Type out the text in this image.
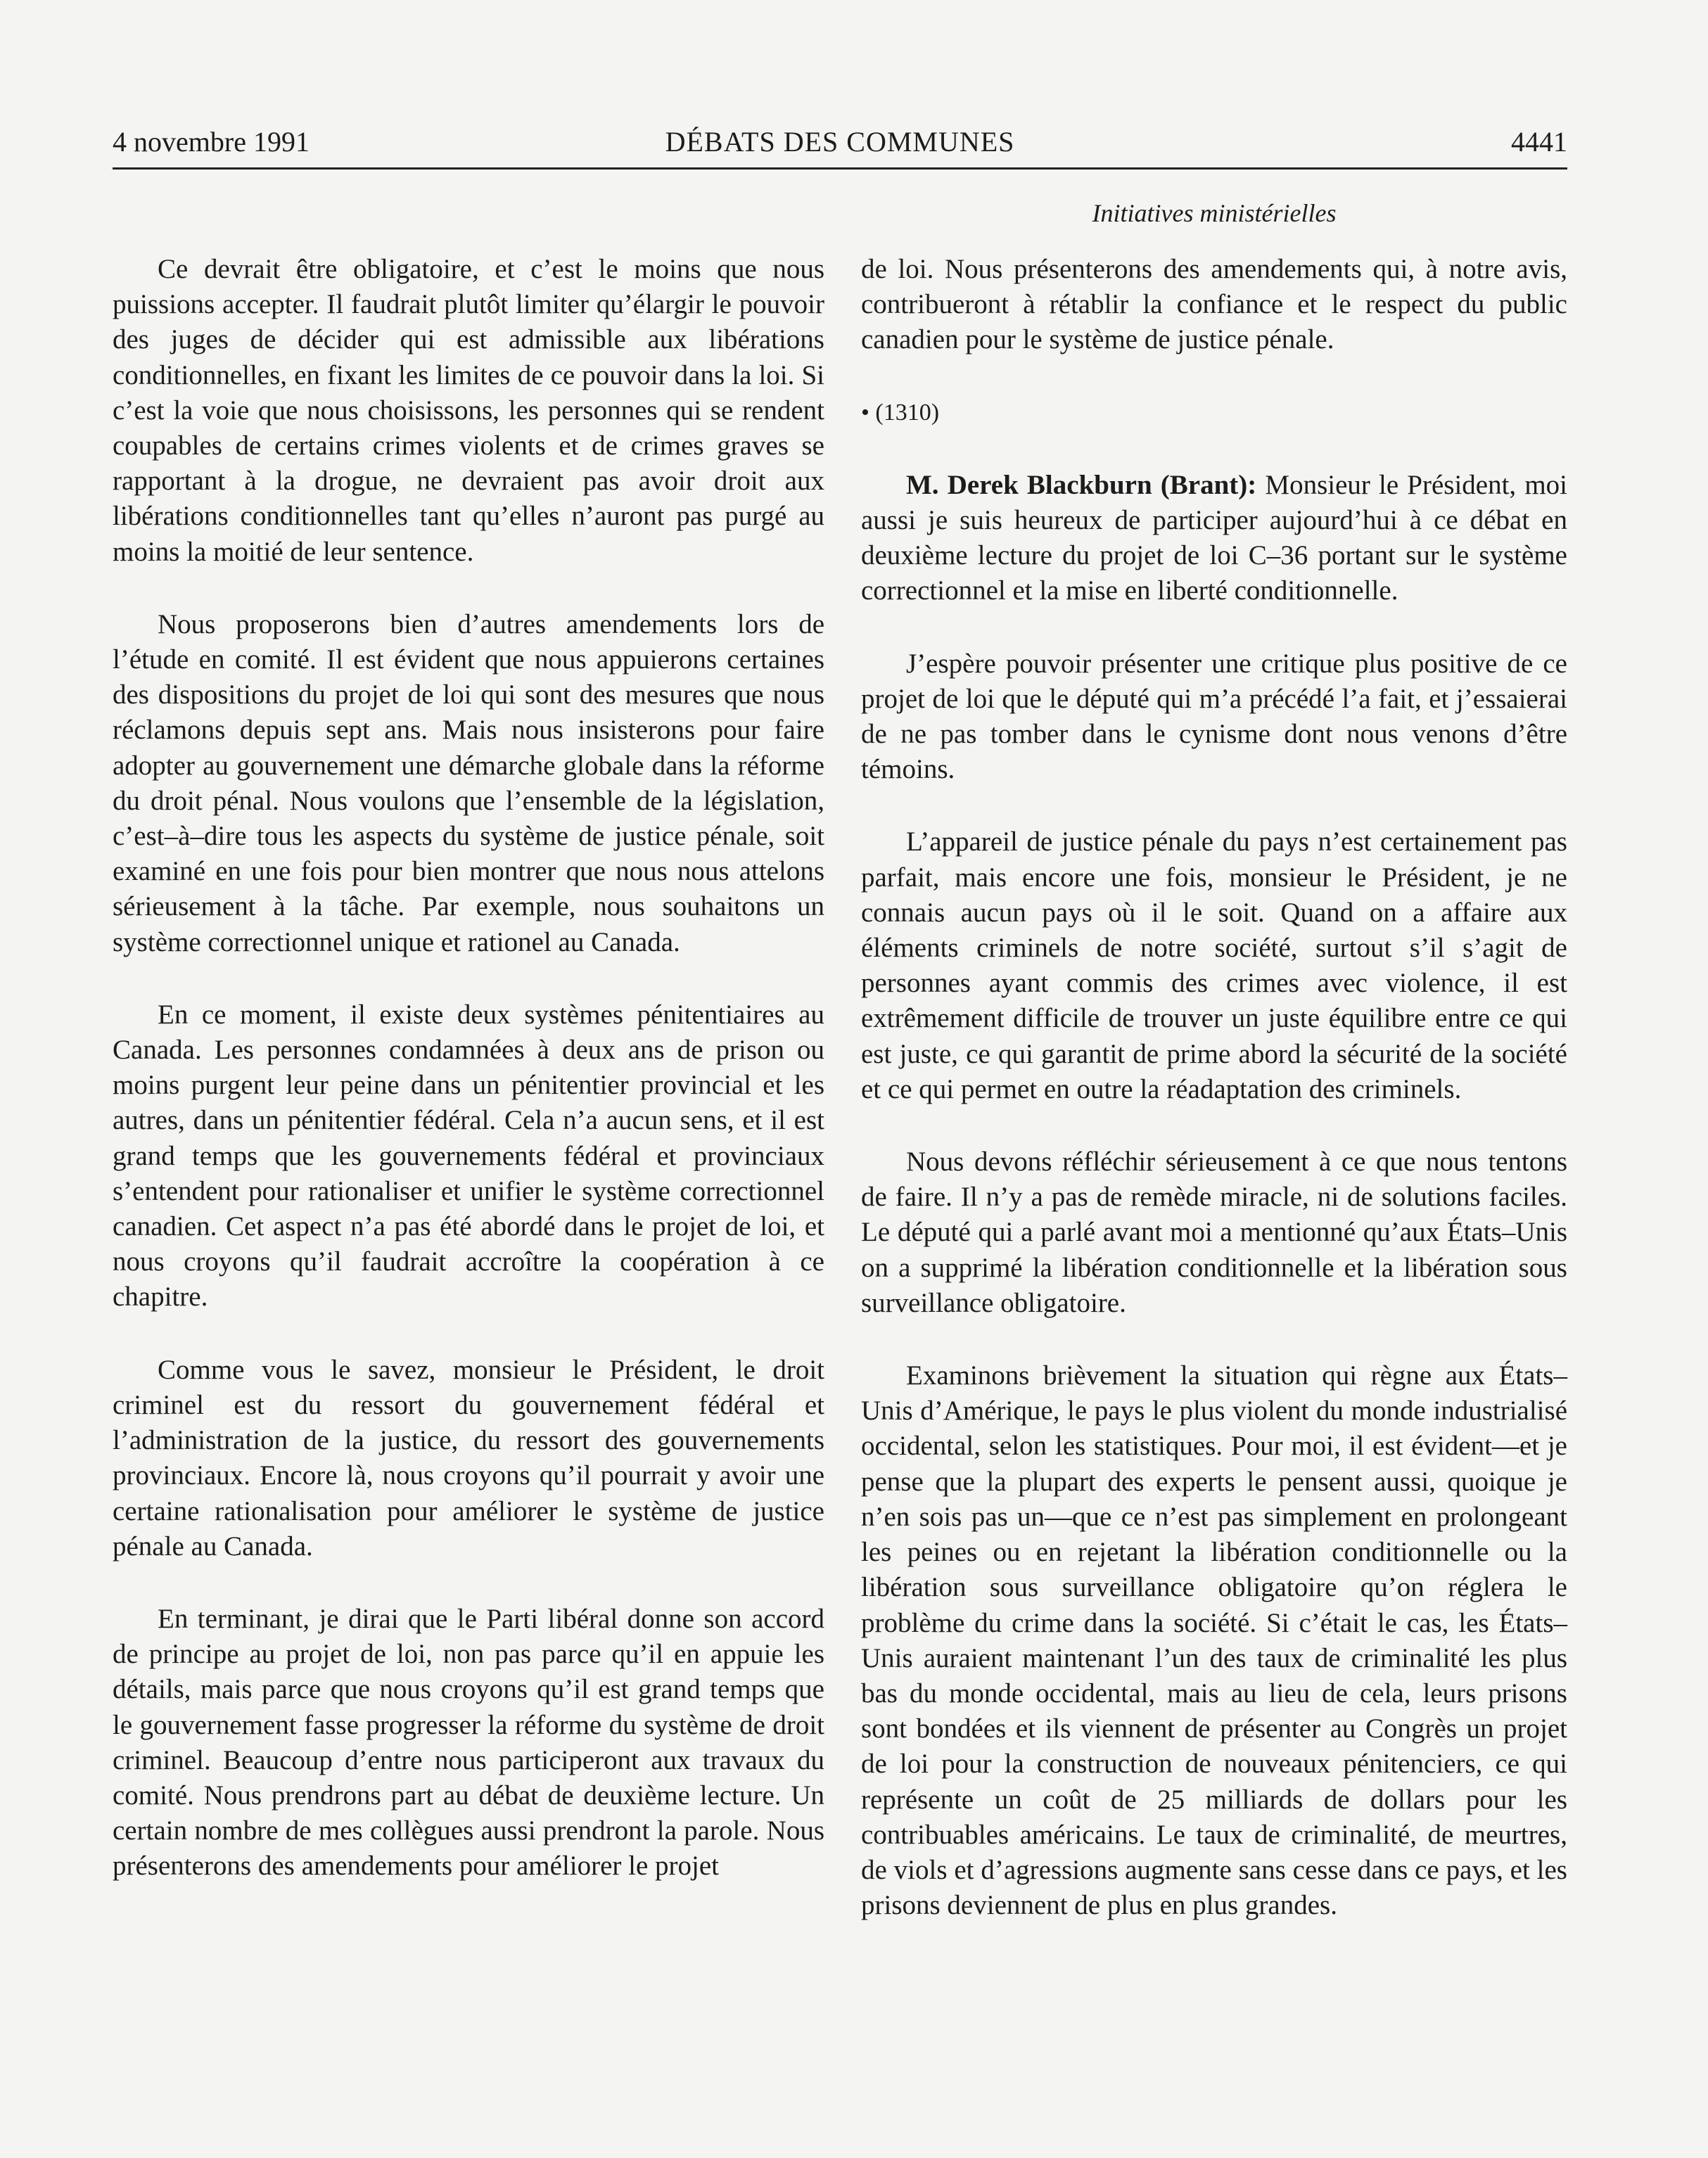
4 novembre 1991	DÉBATS DES COMMUNES	4441
Initiatives ministérielles

Ce devrait être obligatoire, et c’est le moins que nous puissions accepter. Il faudrait plutôt limiter qu’élargir le pouvoir des juges de décider qui est admissible aux libérations conditionnelles, en fixant les limites de ce pouvoir dans la loi. Si c’est la voie que nous choisissons, les personnes qui se rendent coupables de certains crimes violents et de crimes graves se rapportant à la drogue, ne devraient pas avoir droit aux libérations conditionnelles tant qu’elles n’auront pas purgé au moins la moitié de leur sentence.

Nous proposerons bien d’autres amendements lors de l’étude en comité. Il est évident que nous appuierons certaines des dispositions du projet de loi qui sont des mesures que nous réclamons depuis sept ans. Mais nous insisterons pour faire adopter au gouvernement une démarche globale dans la réforme du droit pénal. Nous voulons que l’ensemble de la législation, c’est–à–dire tous les aspects du système de justice pénale, soit examiné en une fois pour bien montrer que nous nous attelons sérieusement à la tâche. Par exemple, nous souhaitons un système correctionnel unique et rationel au Canada.

En ce moment, il existe deux systèmes pénitentiaires au Canada. Les personnes condamnées à deux ans de prison ou moins purgent leur peine dans un pénitentier provincial et les autres, dans un pénitentier fédéral. Cela n’a aucun sens, et il est grand temps que les gouvernements fédéral et provinciaux s’entendent pour rationaliser et unifier le système correctionnel canadien. Cet aspect n’a pas été abordé dans le projet de loi, et nous croyons qu’il faudrait accroître la coopération à ce chapitre.

Comme vous le savez, monsieur le Président, le droit criminel est du ressort du gouvernement fédéral et l’administration de la justice, du ressort des gouvernements provinciaux. Encore là, nous croyons qu’il pourrait y avoir une certaine rationalisation pour améliorer le système de justice pénale au Canada.

En terminant, je dirai que le Parti libéral donne son accord de principe au projet de loi, non pas parce qu’il en appuie les détails, mais parce que nous croyons qu’il est grand temps que le gouvernement fasse progresser la réforme du système de droit criminel. Beaucoup d’entre nous participeront aux travaux du comité. Nous prendrons part au débat de deuxième lecture. Un certain nombre de mes collègues aussi prendront la parole. Nous présenterons des amendements pour améliorer le projet

de loi. Nous présenterons des amendements qui, à notre avis, contribueront à rétablir la confiance et le respect du public canadien pour le système de justice pénale.

• (1310)

M. Derek Blackburn (Brant): Monsieur le Président, moi aussi je suis heureux de participer aujourd’hui à ce débat en deuxième lecture du projet de loi C–36 portant sur le système correctionnel et la mise en liberté conditionnelle.

J’espère pouvoir présenter une critique plus positive de ce projet de loi que le député qui m’a précédé l’a fait, et j’essaierai de ne pas tomber dans le cynisme dont nous venons d’être témoins.

L’appareil de justice pénale du pays n’est certainement pas parfait, mais encore une fois, monsieur le Président, je ne connais aucun pays où il le soit. Quand on a affaire aux éléments criminels de notre société, surtout s’il s’agit de personnes ayant commis des crimes avec violence, il est extrêmement difficile de trouver un juste équilibre entre ce qui est juste, ce qui garantit de prime abord la sécurité de la société et ce qui permet en outre la réadaptation des criminels.

Nous devons réfléchir sérieusement à ce que nous tentons de faire. Il n’y a pas de remède miracle, ni de solutions faciles. Le député qui a parlé avant moi a mentionné qu’aux États–Unis on a supprimé la libération conditionnelle et la libération sous surveillance obligatoire.

Examinons brièvement la situation qui règne aux États–Unis d’Amérique, le pays le plus violent du monde industrialisé occidental, selon les statistiques. Pour moi, il est évident—et je pense que la plupart des experts le pensent aussi, quoique je n’en sois pas un—que ce n’est pas simplement en prolongeant les peines ou en rejetant la libération conditionnelle ou la libération sous surveillance obligatoire qu’on réglera le problème du crime dans la société. Si c’était le cas, les États–Unis auraient maintenant l’un des taux de criminalité les plus bas du monde occidental, mais au lieu de cela, leurs prisons sont bondées et ils viennent de présenter au Congrès un projet de loi pour la construction de nouveaux pénitenciers, ce qui représente un coût de 25 milliards de dollars pour les contribuables américains. Le taux de criminalité, de meurtres, de viols et d’agressions augmente sans cesse dans ce pays, et les prisons deviennent de plus en plus grandes.
